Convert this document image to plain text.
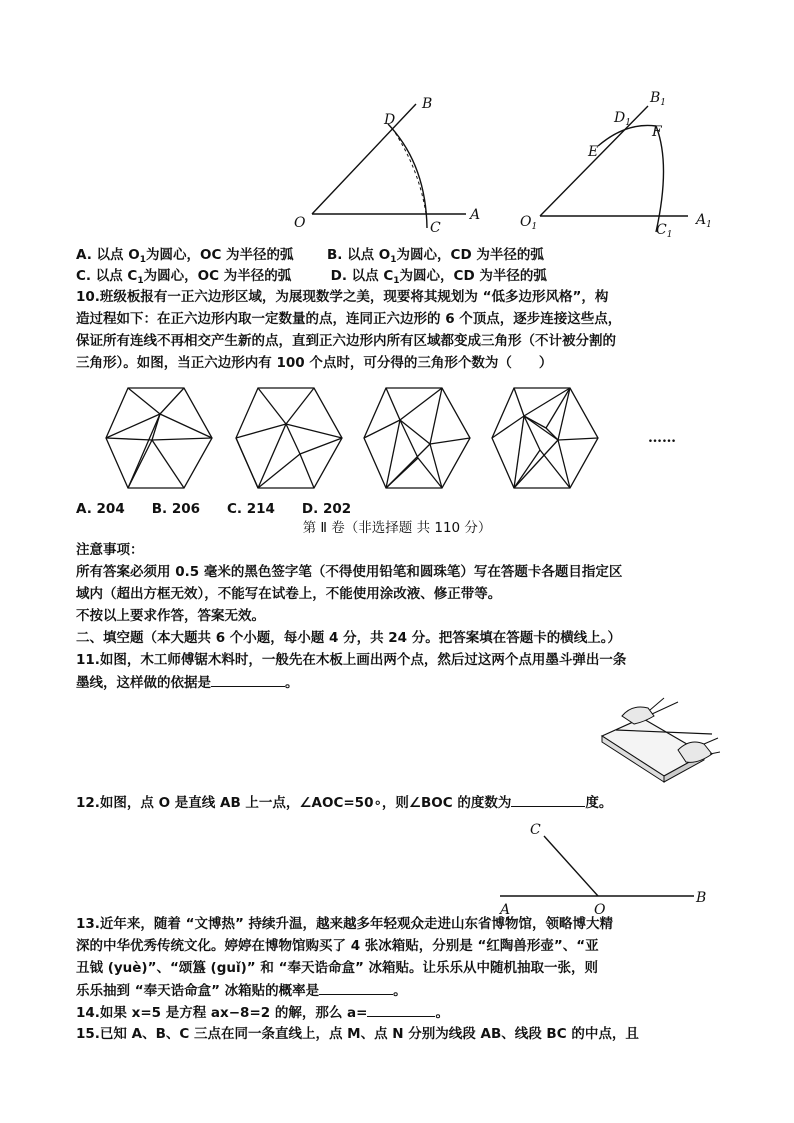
O	A
B
C
D
$O_1$	$A_1$
$B_1$
$C_1$
$D_1$
E
F
A. 以点 $O_1$为圆心，OC 为半径的弧 B. 以点 $O_1$为圆心，CD 为半径的弧
C. 以点 $C_1$为圆心，OC 为半径的弧	D. 以点 $C_1$为圆心，CD 为半径的弧
10.班级板报有一正六边形区域，为展现数学之美，现要将其规划为 “低多边形风格”，构
造过程如下：在正六边形内取一定数量的点，连同正六边形的 6 个顶点，逐步连接这些点，
保证所有连线不再相交产生新的点，直到正六边形内所有区域都变成三角形（不计被分割的
三角形）。如图，当正六边形内有 100 个点时，可分得的三角形个数为（　　）
……
A. 204　　B. 206　　C. 214　　D. 202
第 Ⅱ 卷（非选择题 共 110 分）
注意事项：
所有答案必须用 0.5 毫米的黑色签字笔（不得使用铅笔和圆珠笔）写在答题卡各题目指定区
域内（超出方框无效），不能写在试卷上，不能使用涂改液、修正带等。
不按以上要求作答，答案无效。
二、填空题（本大题共 6 个小题，每小题 4 分，共 24 分。把答案填在答题卡的横线上。）
11.如图，木工师傅锯木料时，一般先在木板上画出两个点，然后过这两个点用墨斗弹出一条
墨线，这样做的依据是	。
12.如图，点 O 是直线 AB 上一点，∠AOC=50∘，则∠BOC 的度数为	度。
C
A	O
B
13.近年来，随着 “文博热” 持续升温，越来越多年轻观众走进山东省博物馆，领略博大精
深的中华优秀传统文化。婷婷在博物馆购买了 4 张冰箱贴，分别是 “红陶兽形壶”、“亚
丑钺 (yuè)”、“颂簋 (guǐ)” 和 “奉天诰命盒” 冰箱贴。让乐乐从中随机抽取一张，则
乐乐抽到 “奉天诰命盒” 冰箱贴的概率是	。
14.如果 x=5 是方程 ax−8=2 的解，那么 a=	。
15.已知 A、B、C 三点在同一条直线上，点 M、点 N 分别为线段 AB、线段 BC 的中点，且
